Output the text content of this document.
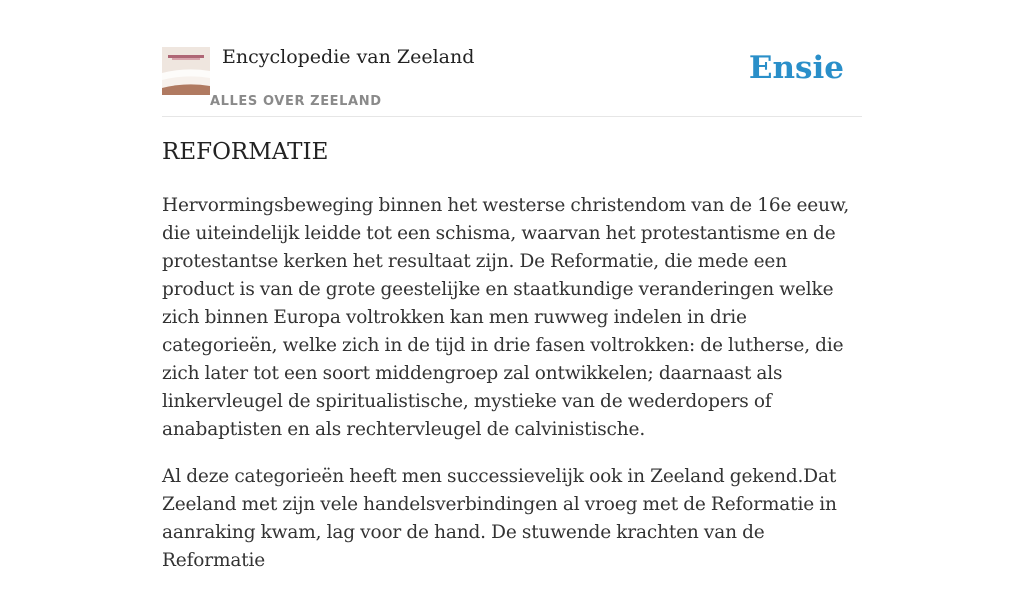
Encyclopedie van Zeeland
ALLES OVER ZEELAND
Ensie
REFORMATIE

Hervormingsbeweging binnen het westerse christendom van de 16e eeuw, die uiteindelijk leidde tot een schisma, waarvan het protestantisme en de protestantse kerken het resultaat zijn. De Reformatie, die mede een product is van de grote geestelijke en staatkundige veranderingen welke zich binnen Europa voltrokken kan men ruwweg indelen in drie categorieën, welke zich in de tijd in drie fasen voltrokken: de lutherse, die zich later tot een soort middengroep zal ontwikkelen; daarnaast als linkervleugel de spiritualistische, mystieke van de wederdopers of anabaptisten en als rechtervleugel de calvinistische.

Al deze categorieën heeft men successievelijk ook in Zeeland gekend.Dat Zeeland met zijn vele handelsverbindingen al vroeg met de Reformatie in aanraking kwam, lag voor de hand. De stuwende krachten van de Reformatie
